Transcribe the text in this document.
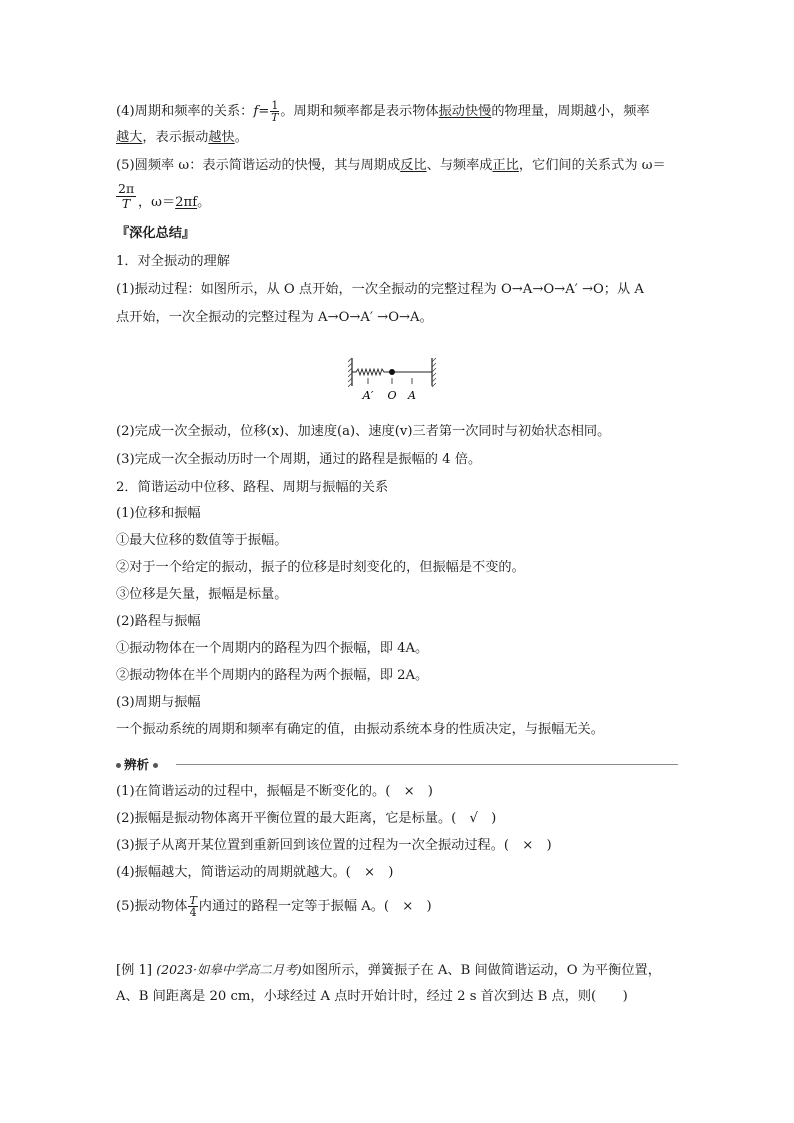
(4)周期和频率的关系：$f= \frac{1}{T}$ 。周期和频率都是表示物体振动快慢的物理量，周期越小，频率
越大，表示振动越快。
(5)圆频率 ω：表示简谐运动的快慢，其与周期成反比、与频率成正比，它们间的关系式为 ω＝
$\frac{2\pi}{T}$ ，ω＝2πf。
『深化总结』
1．对全振动的理解
(1)振动过程：如图所示，从 O 点开始，一次全振动的完整过程为 O→A→O→A′ →O；从 A
点开始，一次全振动的完整过程为 A→O→A′ →O→A。
A′ O A
(2)完成一次全振动，位移(x)、加速度(a)、速度(v)三者第一次同时与初始状态相同。
(3)完成一次全振动历时一个周期，通过的路程是振幅的 4 倍。
2．简谐运动中位移、路程、周期与振幅的关系
(1)位移和振幅
①最大位移的数值等于振幅。
②对于一个给定的振动，振子的位移是时刻变化的，但振幅是不变的。
③位移是矢量，振幅是标量。
(2)路程与振幅
①振动物体在一个周期内的路程为四个振幅，即 4A。
②振动物体在半个周期内的路程为两个振幅，即 2A。
(3)周期与振幅
一个振动系统的周期和频率有确定的值，由振动系统本身的性质决定，与振幅无关。
辨析
(1)在简谐运动的过程中，振幅是不断变化的。(　×　)
(2)振幅是振动物体离开平衡位置的最大距离，它是标量。(　√　)
(3)振子从离开某位置到重新回到该位置的过程为一次全振动过程。(　×　)
(4)振幅越大，简谐运动的周期就越大。(　×　)
(5)振动物体 $\frac{T}{4}$ 内通过的路程一定等于振幅 A。(　×　)
[例 1] (2023·如皋中学高二月考)如图所示，弹簧振子在 A、B 间做简谐运动，O 为平衡位置，
A、B 间距离是 20 cm，小球经过 A 点时开始计时，经过 2 s 首次到达 B 点，则(　　)
